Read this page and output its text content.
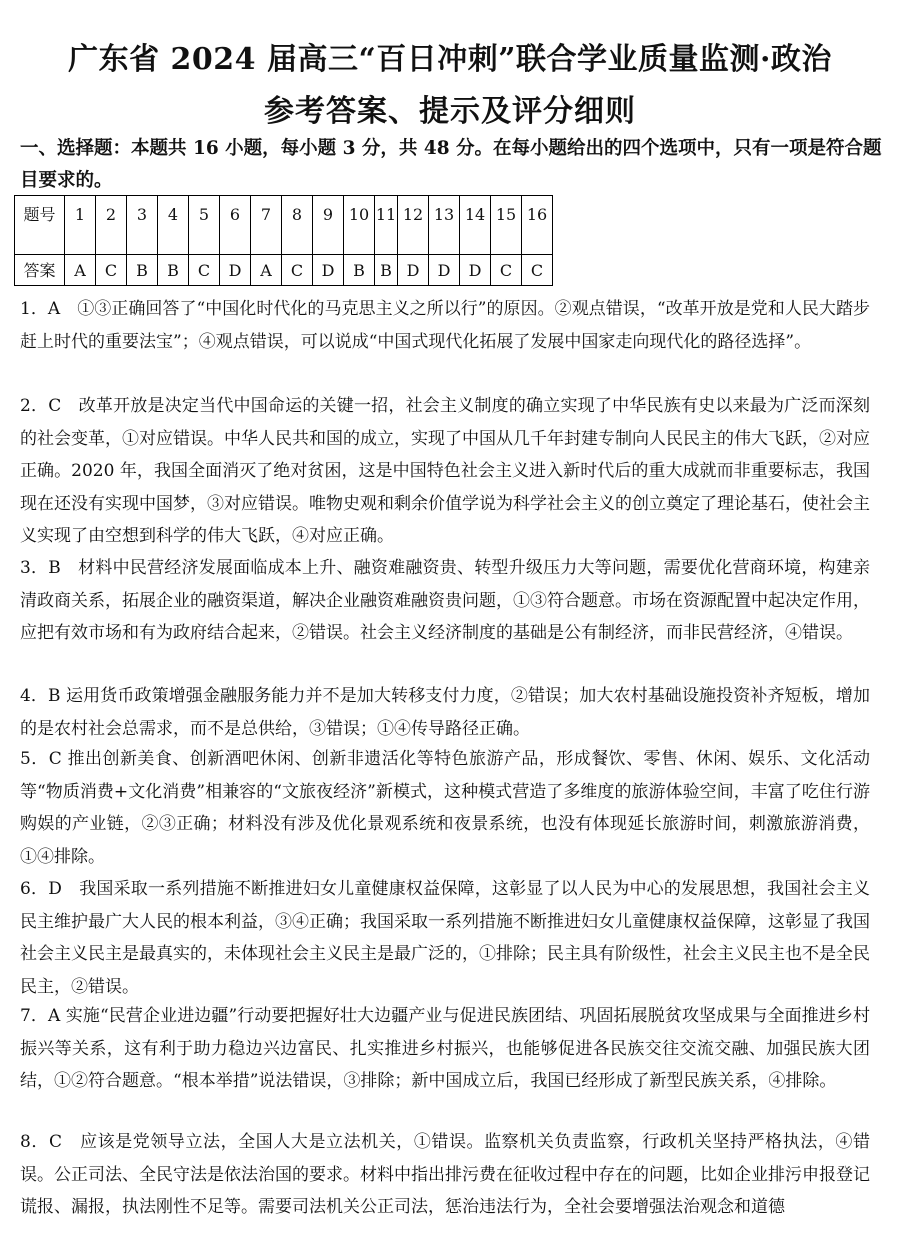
广东省 2024 届高三“百日冲刺”联合学业质量监测·政治
参考答案、提示及评分细则
一、选择题：本题共 16 小题，每小题 3 分，共 48 分。在每小题给出的四个选项中，只有一项是符合题目要求的。
题号	1	2	3	4	5	6	7	8	9	10	11	12	13	14	15	16
答案	A	C	B	B	C	D	A	C	D	B	B	D	D	D	C	C
1．A　①③正确回答了“中国化时代化的马克思主义之所以行”的原因。②观点错误，“改革开放是党和人民大踏步赶上时代的重要法宝”；④观点错误，可以说成“中国式现代化拓展了发展中国家走向现代化的路径选择”。
2．C　改革开放是决定当代中国命运的关键一招，社会主义制度的确立实现了中华民族有史以来最为广泛而深刻的社会变革，①对应错误。中华人民共和国的成立，实现了中国从几千年封建专制向人民民主的伟大飞跃，②对应正确。2020 年，我国全面消灭了绝对贫困，这是中国特色社会主义进入新时代后的重大成就而非重要标志，我国现在还没有实现中国梦，③对应错误。唯物史观和剩余价值学说为科学社会主义的创立奠定了理论基石，使社会主义实现了由空想到科学的伟大飞跃，④对应正确。
3．B　材料中民营经济发展面临成本上升、融资难融资贵、转型升级压力大等问题，需要优化营商环境，构建亲清政商关系，拓展企业的融资渠道，解决企业融资难融资贵问题，①③符合题意。市场在资源配置中起决定作用，应把有效市场和有为政府结合起来，②错误。社会主义经济制度的基础是公有制经济，而非民营经济，④错误。
4．B 运用货币政策增强金融服务能力并不是加大转移支付力度，②错误；加大农村基础设施投资补齐短板，增加的是农村社会总需求，而不是总供给，③错误；①④传导路径正确。
5．C 推出创新美食、创新酒吧休闲、创新非遗活化等特色旅游产品，形成餐饮、零售、休闲、娱乐、文化活动等“物质消费+文化消费”相兼容的“文旅夜经济”新模式，这种模式营造了多维度的旅游体验空间，丰富了吃住行游购娱的产业链，②③正确；材料没有涉及优化景观系统和夜景系统，也没有体现延长旅游时间，刺激旅游消费，①④排除。
6．D　我国采取一系列措施不断推进妇女儿童健康权益保障，这彰显了以人民为中心的发展思想，我国社会主义民主维护最广大人民的根本利益，③④正确；我国采取一系列措施不断推进妇女儿童健康权益保障，这彰显了我国社会主义民主是最真实的，未体现社会主义民主是最广泛的，①排除；民主具有阶级性，社会主义民主也不是全民民主，②错误。
7．A 实施“民营企业进边疆”行动要把握好壮大边疆产业与促进民族团结、巩固拓展脱贫攻坚成果与全面推进乡村振兴等关系，这有利于助力稳边兴边富民、扎实推进乡村振兴，也能够促进各民族交往交流交融、加强民族大团结，①②符合题意。“根本举措”说法错误，③排除；新中国成立后，我国已经形成了新型民族关系，④排除。
8．C　应该是党领导立法，全国人大是立法机关，①错误。监察机关负责监察，行政机关坚持严格执法，④错误。公正司法、全民守法是依法治国的要求。材料中指出排污费在征收过程中存在的问题，比如企业排污申报登记谎报、漏报，执法刚性不足等。需要司法机关公正司法，惩治违法行为，全社会要增强法治观念和道德
